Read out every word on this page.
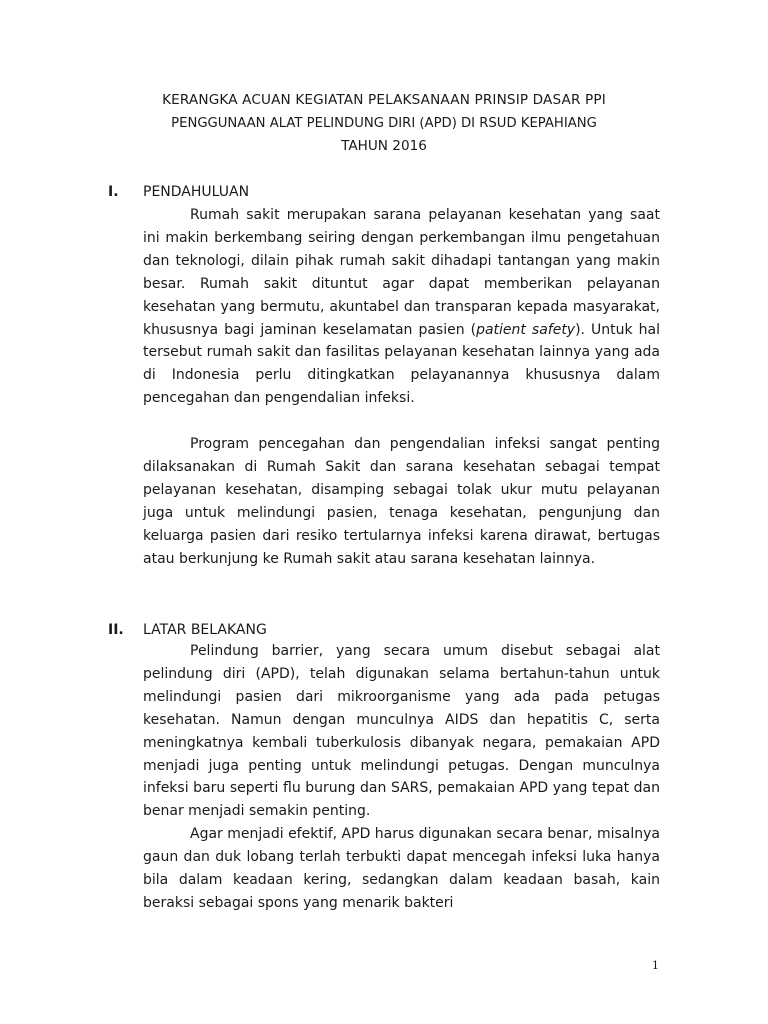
KERANGKA ACUAN KEGIATAN PELAKSANAAN PRINSIP DASAR PPI
PENGGUNAAN ALAT PELINDUNG DIRI (APD) DI RSUD KEPAHIANG
TAHUN 2016
I. PENDAHULUAN

Rumah sakit merupakan sarana pelayanan kesehatan yang saat ini makin berkembang seiring dengan perkembangan ilmu pengetahuan dan teknologi, dilain pihak rumah sakit dihadapi tantangan yang makin besar. Rumah sakit dituntut agar dapat memberikan pelayanan kesehatan yang bermutu, akuntabel dan transparan kepada masyarakat, khususnya bagi jaminan keselamatan pasien (patient safety). Untuk hal tersebut rumah sakit dan fasilitas pelayanan kesehatan lainnya yang ada di Indonesia perlu ditingkatkan pelayanannya khususnya dalam pencegahan dan pengendalian infeksi.

Program pencegahan dan pengendalian infeksi sangat penting dilaksanakan di Rumah Sakit dan sarana kesehatan sebagai tempat pelayanan kesehatan, disamping sebagai tolak ukur mutu pelayanan juga untuk melindungi pasien, tenaga kesehatan, pengunjung dan keluarga pasien dari resiko tertularnya infeksi karena dirawat, bertugas atau berkunjung ke Rumah sakit atau sarana kesehatan lainnya.

II. LATAR BELAKANG

Pelindung barrier, yang secara umum disebut sebagai alat pelindung diri (APD), telah digunakan selama bertahun-tahun untuk melindungi pasien dari mikroorganisme yang ada pada petugas kesehatan. Namun dengan munculnya AIDS dan hepatitis C, serta meningkatnya kembali tuberkulosis dibanyak negara, pemakaian APD menjadi juga penting untuk melindungi petugas. Dengan munculnya infeksi baru seperti flu burung dan SARS, pemakaian APD yang tepat dan benar menjadi semakin penting.

Agar menjadi efektif, APD harus digunakan secara benar, misalnya gaun dan duk lobang terlah terbukti dapat mencegah infeksi luka hanya bila dalam keadaan kering, sedangkan dalam keadaan basah, kain beraksi sebagai spons yang menarik bakteri

1
